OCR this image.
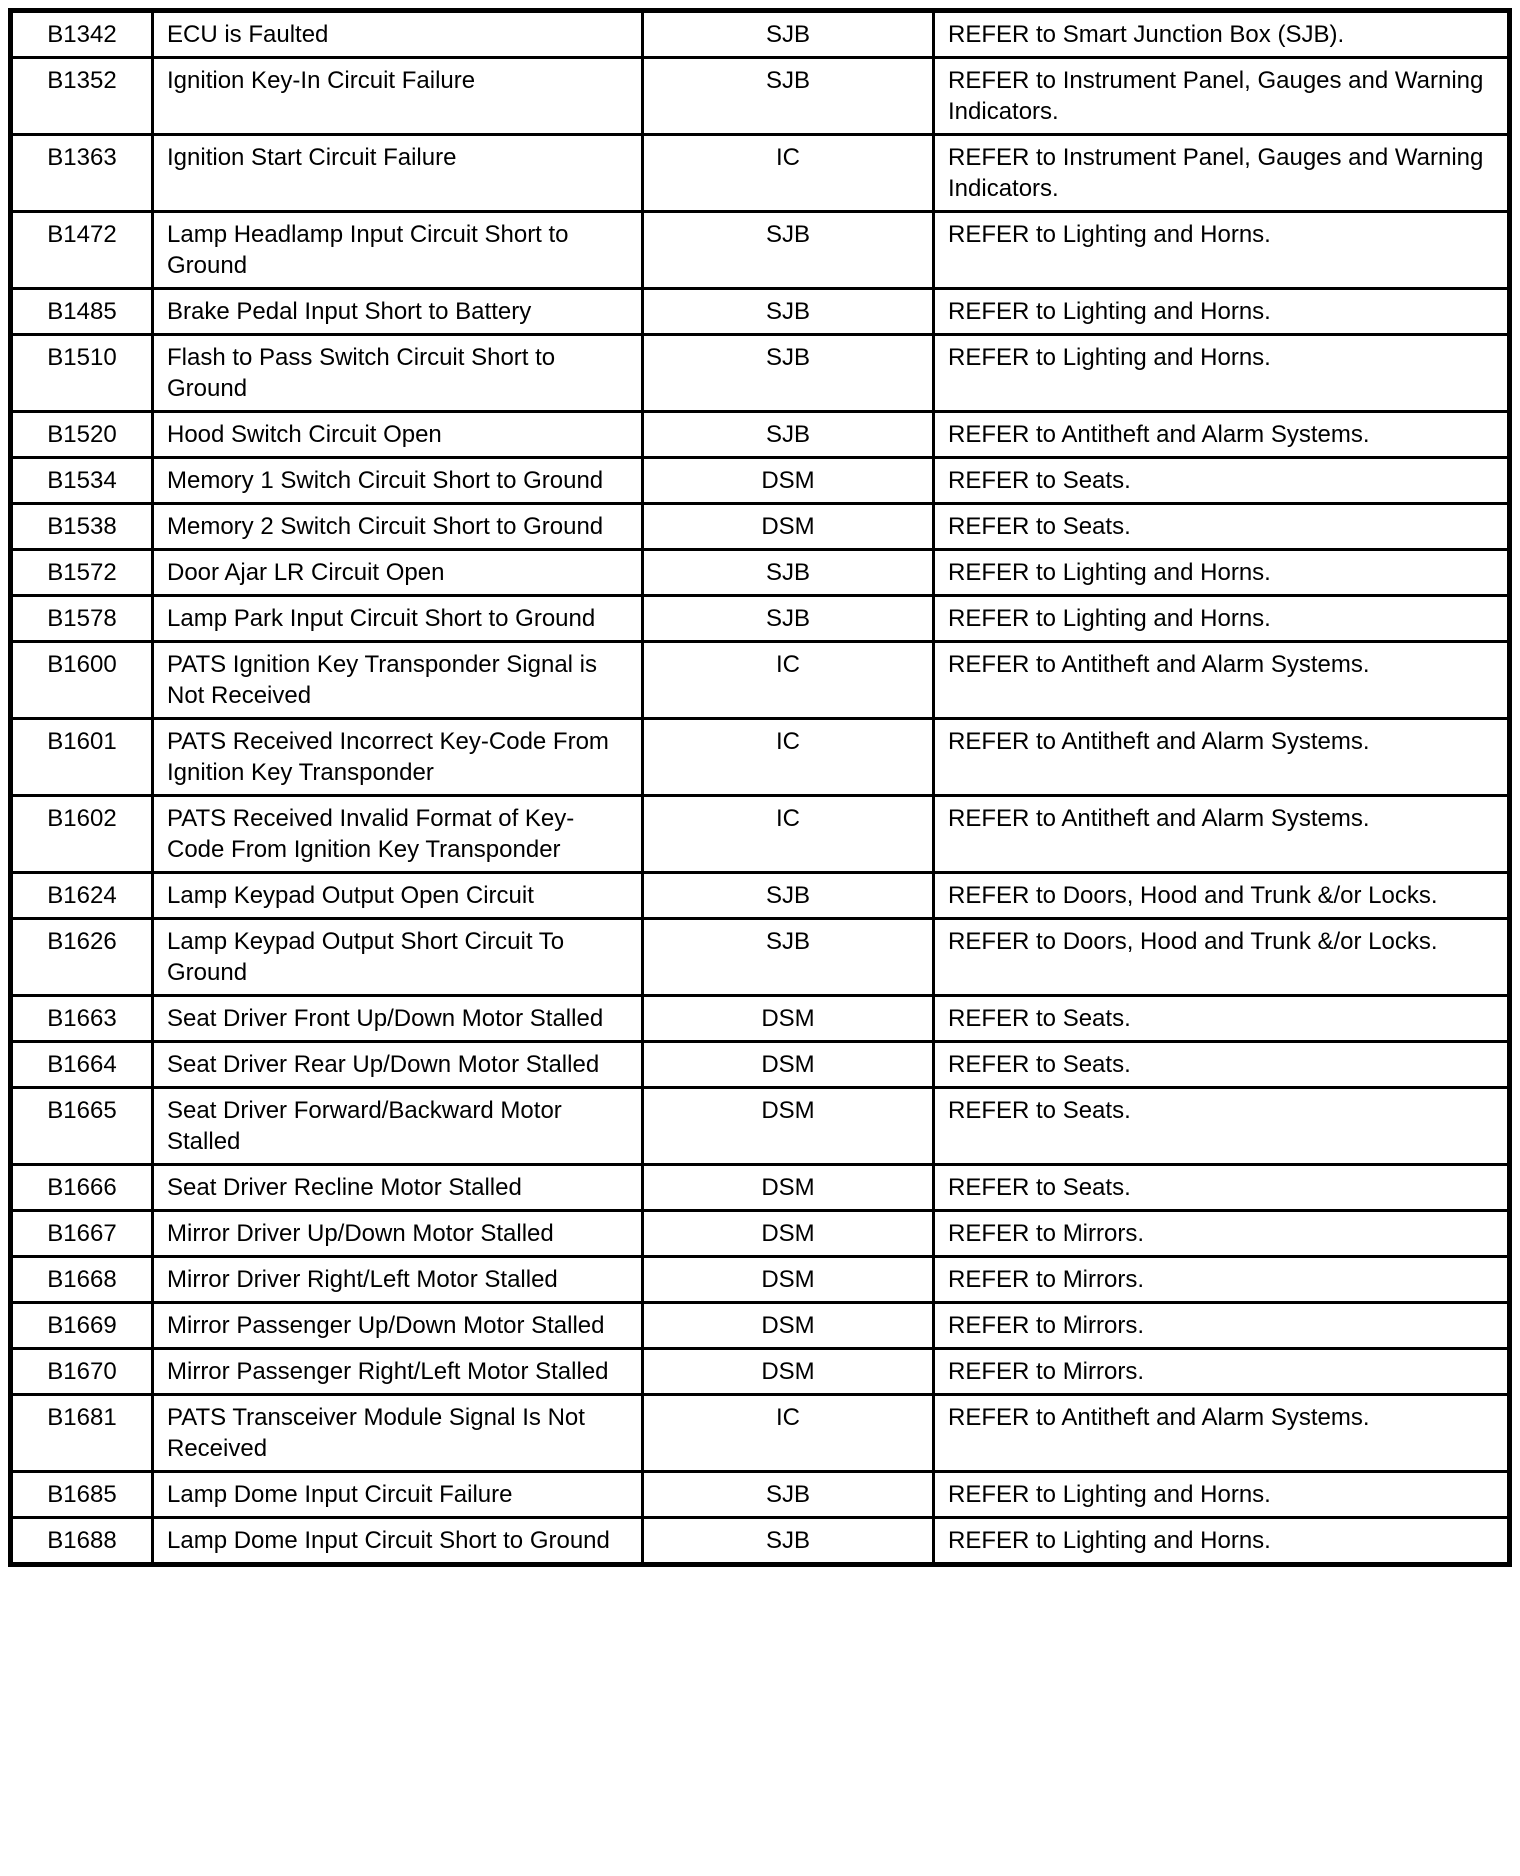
B1342	ECU is Faulted	SJB	REFER to Smart Junction Box (SJB).
B1352	Ignition Key-In Circuit Failure	SJB	REFER to Instrument Panel, Gauges and Warning Indicators.
B1363	Ignition Start Circuit Failure	IC	REFER to Instrument Panel, Gauges and Warning Indicators.
B1472	Lamp Headlamp Input Circuit Short to Ground	SJB	REFER to Lighting and Horns.
B1485	Brake Pedal Input Short to Battery	SJB	REFER to Lighting and Horns.
B1510	Flash to Pass Switch Circuit Short to Ground	SJB	REFER to Lighting and Horns.
B1520	Hood Switch Circuit Open	SJB	REFER to Antitheft and Alarm Systems.
B1534	Memory 1 Switch Circuit Short to Ground	DSM	REFER to Seats.
B1538	Memory 2 Switch Circuit Short to Ground	DSM	REFER to Seats.
B1572	Door Ajar LR Circuit Open	SJB	REFER to Lighting and Horns.
B1578	Lamp Park Input Circuit Short to Ground	SJB	REFER to Lighting and Horns.
B1600	PATS Ignition Key Transponder Signal is Not Received	IC	REFER to Antitheft and Alarm Systems.
B1601	PATS Received Incorrect Key-Code From Ignition Key Transponder	IC	REFER to Antitheft and Alarm Systems.
B1602	PATS Received Invalid Format of Key-Code From Ignition Key Transponder	IC	REFER to Antitheft and Alarm Systems.
B1624	Lamp Keypad Output Open Circuit	SJB	REFER to Doors, Hood and Trunk &/or Locks.
B1626	Lamp Keypad Output Short Circuit To Ground	SJB	REFER to Doors, Hood and Trunk &/or Locks.
B1663	Seat Driver Front Up/Down Motor Stalled	DSM	REFER to Seats.
B1664	Seat Driver Rear Up/Down Motor Stalled	DSM	REFER to Seats.
B1665	Seat Driver Forward/Backward Motor Stalled	DSM	REFER to Seats.
B1666	Seat Driver Recline Motor Stalled	DSM	REFER to Seats.
B1667	Mirror Driver Up/Down Motor Stalled	DSM	REFER to Mirrors.
B1668	Mirror Driver Right/Left Motor Stalled	DSM	REFER to Mirrors.
B1669	Mirror Passenger Up/Down Motor Stalled	DSM	REFER to Mirrors.
B1670	Mirror Passenger Right/Left Motor Stalled	DSM	REFER to Mirrors.
B1681	PATS Transceiver Module Signal Is Not Received	IC	REFER to Antitheft and Alarm Systems.
B1685	Lamp Dome Input Circuit Failure	SJB	REFER to Lighting and Horns.
B1688	Lamp Dome Input Circuit Short to Ground	SJB	REFER to Lighting and Horns.
